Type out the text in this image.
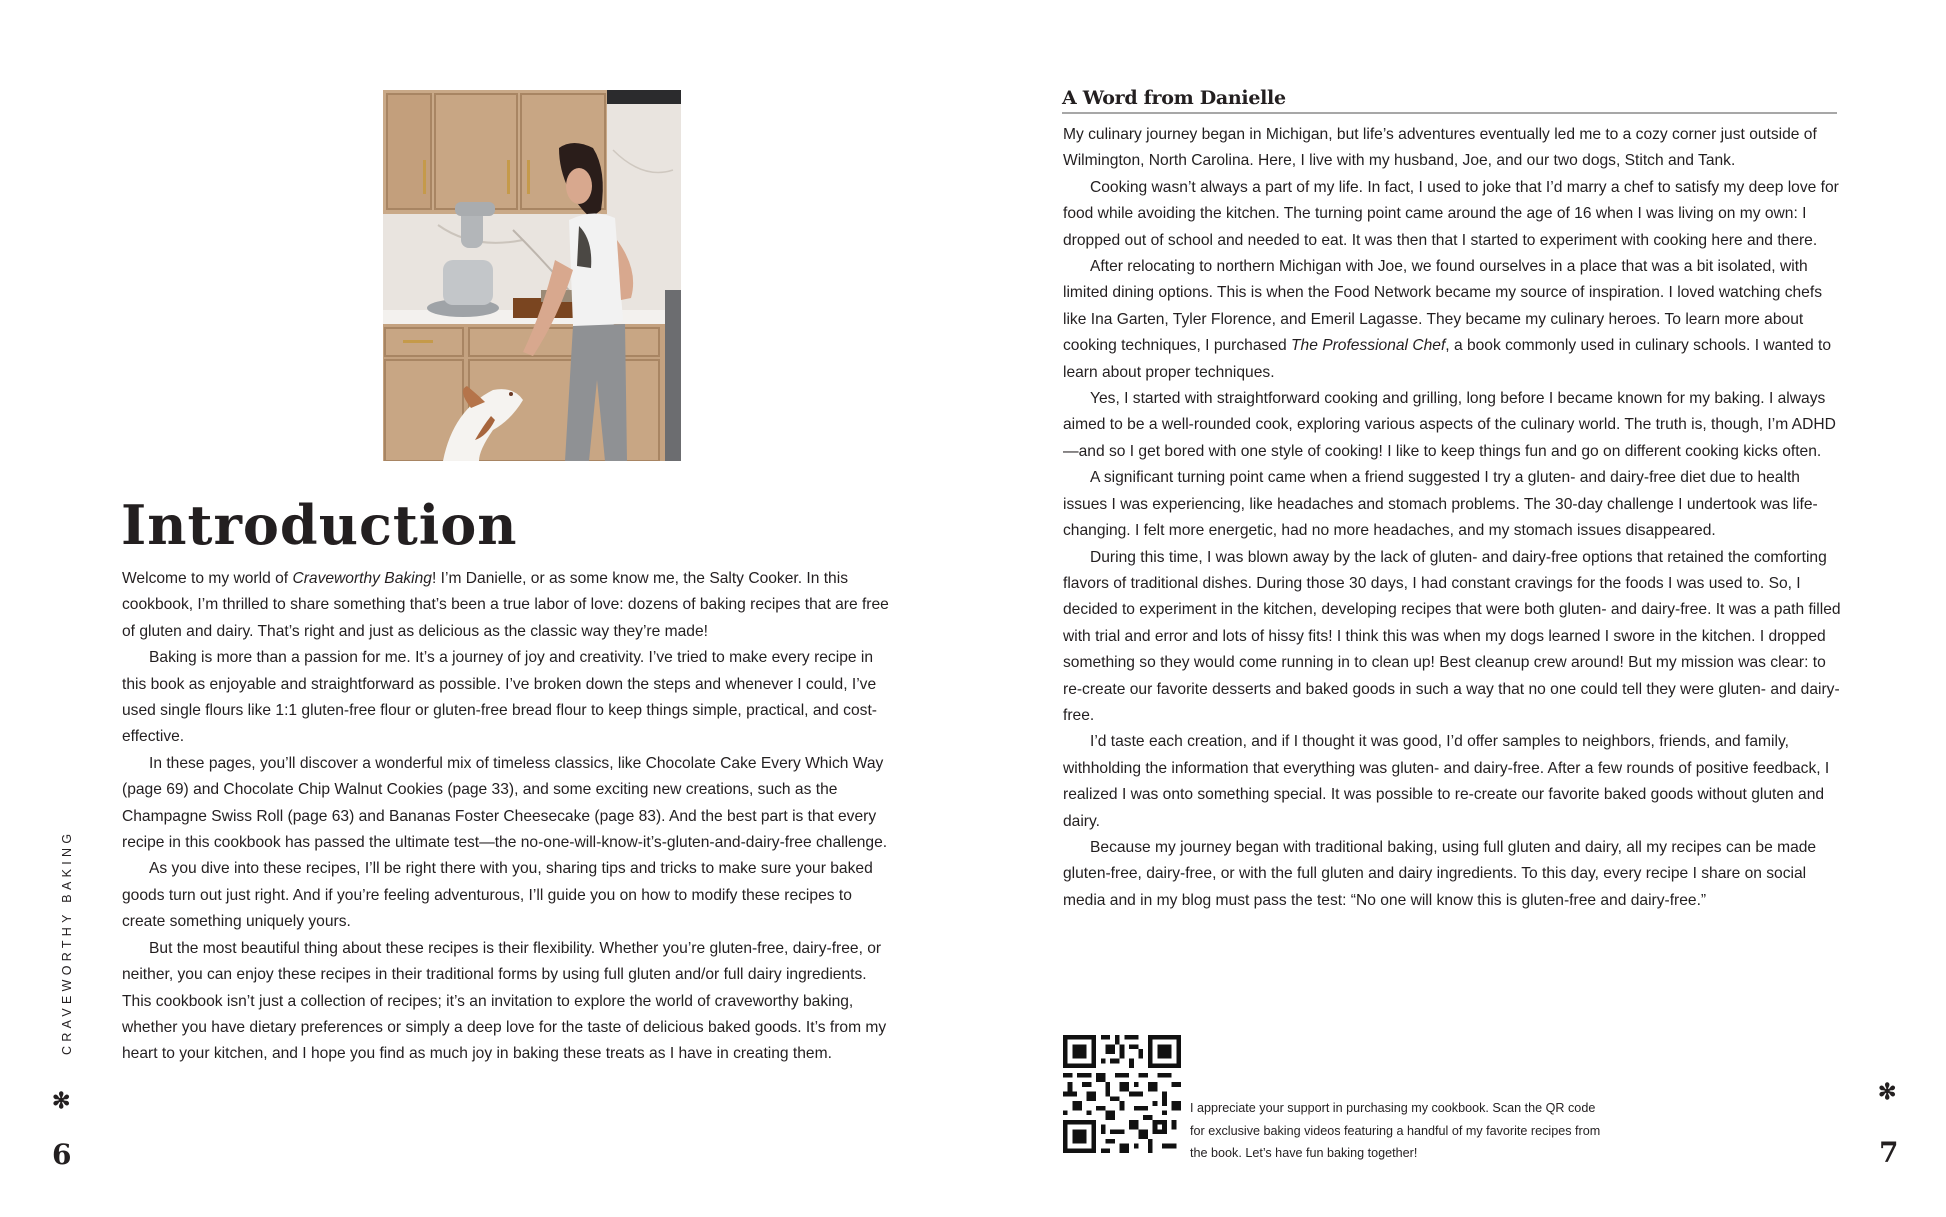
Introduction

Welcome to my world of Craveworthy Baking! I’m Danielle, or as some know me, the Salty Cooker. In this cookbook, I’m thrilled to share something that’s been a true labor of love: dozens of baking recipes that are free of gluten and dairy. That’s right and just as delicious as the classic way they’re made!

Baking is more than a passion for me. It’s a journey of joy and creativity. I’ve tried to make every recipe in this book as enjoyable and straightforward as possible. I’ve broken down the steps and whenever I could, I’ve used single flours like 1:1 gluten-free flour or gluten-free bread flour to keep things simple, practical, and cost-effective.

In these pages, you’ll discover a wonderful mix of timeless classics, like Chocolate Cake Every Which Way (page 69) and Chocolate Chip Walnut Cookies (page 33), and some exciting new creations, such as the Champagne Swiss Roll (page 63) and Bananas Foster Cheesecake (page 83). And the best part is that every recipe in this cookbook has passed the ultimate test—the no-one-will-know-it’s-gluten-and-dairy-free challenge.

As you dive into these recipes, I’ll be right there with you, sharing tips and tricks to make sure your baked goods turn out just right. And if you’re feeling adventurous, I’ll guide you on how to modify these recipes to create something uniquely yours.

But the most beautiful thing about these recipes is their flexibility. Whether you’re gluten-free, dairy-free, or neither, you can enjoy these recipes in their traditional forms by using full gluten and/or full dairy ingredients. This cookbook isn’t just a collection of recipes; it’s an invitation to explore the world of craveworthy baking, whether you have dietary preferences or simply a deep love for the taste of delicious baked goods. It’s from my heart to your kitchen, and I hope you find as much joy in baking these treats as I have in creating them.

CRAVEWORTHY BAKING
✻
6
A Word from Danielle

My culinary journey began in Michigan, but life’s adventures eventually led me to a cozy corner just outside of Wilmington, North Carolina. Here, I live with my husband, Joe, and our two dogs, Stitch and Tank.

Cooking wasn’t always a part of my life. In fact, I used to joke that I’d marry a chef to satisfy my deep love for food while avoiding the kitchen. The turning point came around the age of 16 when I was living on my own: I dropped out of school and needed to eat. It was then that I started to experiment with cooking here and there.

After relocating to northern Michigan with Joe, we found ourselves in a place that was a bit isolated, with limited dining options. This is when the Food Network became my source of inspiration. I loved watching chefs like Ina Garten, Tyler Florence, and Emeril Lagasse. They became my culinary heroes. To learn more about cooking techniques, I purchased The Professional Chef, a book commonly used in culinary schools. I wanted to learn about proper techniques.

Yes, I started with straightforward cooking and grilling, long before I became known for my baking. I always aimed to be a well-rounded cook, exploring various aspects of the culinary world. The truth is, though, I’m ADHD—and so I get bored with one style of cooking! I like to keep things fun and go on different cooking kicks often.

A significant turning point came when a friend suggested I try a gluten- and dairy-free diet due to health issues I was experiencing, like headaches and stomach problems. The 30-day challenge I undertook was life-changing. I felt more energetic, had no more headaches, and my stomach issues disappeared.

During this time, I was blown away by the lack of gluten- and dairy-free options that retained the comforting flavors of traditional dishes. During those 30 days, I had constant cravings for the foods I was used to. So, I decided to experiment in the kitchen, developing recipes that were both gluten- and dairy-free. It was a path filled with trial and error and lots of hissy fits! I think this was when my dogs learned I swore in the kitchen. I dropped something so they would come running in to clean up! Best cleanup crew around! But my mission was clear: to re-create our favorite desserts and baked goods in such a way that no one could tell they were gluten- and dairy-free.

I’d taste each creation, and if I thought it was good, I’d offer samples to neighbors, friends, and family, withholding the information that everything was gluten- and dairy-free. After a few rounds of positive feedback, I realized I was onto something special. It was possible to re-create our favorite baked goods without gluten and dairy.

Because my journey began with traditional baking, using full gluten and dairy, all my recipes can be made gluten-free, dairy-free, or with the full gluten and dairy ingredients. To this day, every recipe I share on social media and in my blog must pass the test: “No one will know this is gluten-free and dairy-free.”

I appreciate your support in purchasing my cookbook. Scan the QR code for exclusive baking videos featuring a handful of my favorite recipes from the book. Let’s have fun baking together!

✻
7
